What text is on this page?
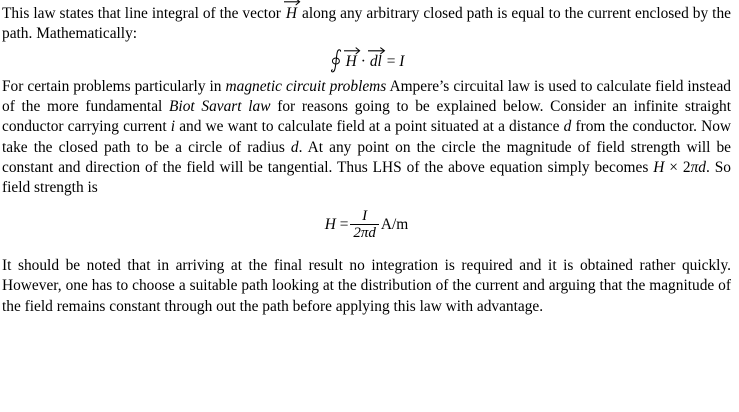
This law states that line integral of the vector
H along any arbitrary closed path is equal to the current enclosed by the path. Mathematically:

H · dl = I

For certain problems particularly in magnetic circuit problems Ampere’s circuital law is used to calculate field instead of the more fundamental Biot Savart law for reasons going to be explained below. Consider an infinite straight conductor carrying current i and we want to calculate field at a point situated at a distance d from the conductor. Now take the closed path to be a circle of radius d. At any point on the circle the magnitude of field strength will be constant and direction of the field will be tangential. Thus LHS of the above equation simply becomes H × 2πd. So field strength is

$H = \frac{I}{2\pi d} A/m$

It should be noted that in arriving at the final result no integration is required and it is obtained rather quickly. However, one has to choose a suitable path looking at the distribution of the current and arguing that the magnitude of the field remains constant through out the path before applying this law with advantage.
